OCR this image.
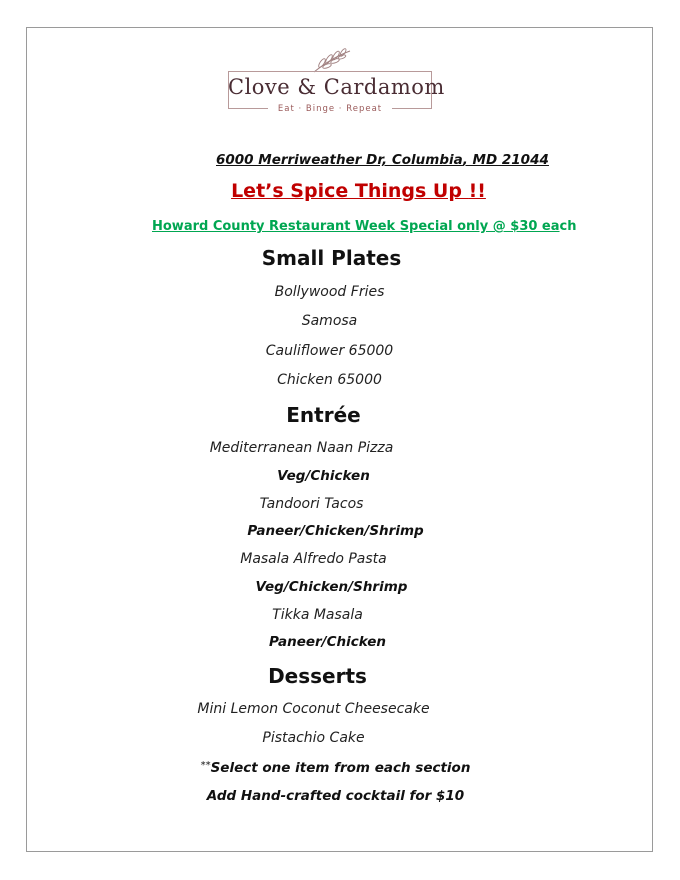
Clove & Cardamom
Eat · Binge · Repeat
6000 Merriweather Dr, Columbia, MD 21044
Let’s Spice Things Up !!
Howard County Restaurant Week Special only @ $30 each
Small Plates
Bollywood Fries
Samosa
Cauliflower 65000
Chicken 65000
Entrée
Mediterranean Naan Pizza
Veg/Chicken
Tandoori Tacos
Paneer/Chicken/Shrimp
Masala Alfredo Pasta
Veg/Chicken/Shrimp
Tikka Masala
Paneer/Chicken
Desserts
Mini Lemon Coconut Cheesecake
Pistachio Cake
**Select one item from each section
Add Hand-crafted cocktail for $10
